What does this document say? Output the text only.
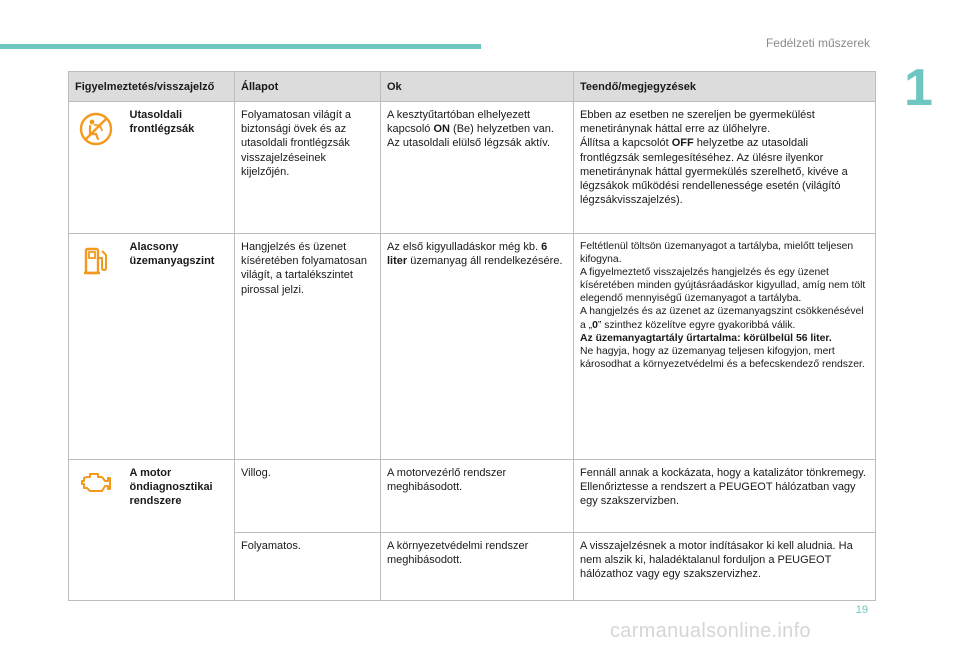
Fedélzeti műszerek
1
Figyelmeztetés/visszajelző		Állapot	Ok	Teendő/megjegyzések

	Utasoldali frontlégzsák	Folyamatosan világít a biztonsági övek és az utasoldali frontlégzsák visszajelzéseinek kijelzőjén.	A kesztyűtartóban elhelyezett kapcsoló ON (Be) helyzetben van.
Az utasoldali elülső légzsák aktív.	Ebben az esetben ne szereljen be gyermekülést menetiránynak háttal erre az ülőhelyre.
Állítsa a kapcsolót OFF helyzetbe az utasoldali frontlégzsák semlegesítéséhez. Az ülésre ilyenkor menetiránynak háttal gyermekülés szerelhető, kivéve a légzsákok működési rendellenessége esetén (világító légzsákvisszajelzés).

	Alacsony üzemanyagszint	Hangjelzés és üzenet kíséretében folyamatosan világít, a tartalékszintet pirossal jelzi.	Az első kigyulladáskor még kb. 6 liter üzemanyag áll rendelkezésére.	Feltétlenül töltsön üzemanyagot a tartályba, mielőtt teljesen kifogyna.
A figyelmeztető visszajelzés hangjelzés és egy üzenet kíséretében minden gyújtásráadáskor kigyullad, amíg nem tölt elegendő mennyiségű üzemanyagot a tartályba.
A hangjelzés és az üzenet az üzemanyagszint csökkenésével a „0” szinthez közelítve egyre gyakoribbá válik.
Az üzemanyagtartály űrtartalma: körülbelül 56 liter.
Ne hagyja, hogy az üzemanyag teljesen kifogyjon, mert károsodhat a környezetvédelmi és a befecskendező rendszer.

	A motor öndiagnosztikai rendszere	Villog.	A motorvezérlő rendszer meghibásodott.	Fennáll annak a kockázata, hogy a katalizátor tönkremegy.
Ellenőriztesse a rendszert a PEUGEOT hálózatban vagy egy szakszervizben.
		Folyamatos.	A környezetvédelmi rendszer meghibásodott.	A visszajelzésnek a motor indításakor ki kell aludnia. Ha nem alszik ki, haladéktalanul forduljon a PEUGEOT hálózathoz vagy egy szakszervizhez.
19
carmanualsonline.info
